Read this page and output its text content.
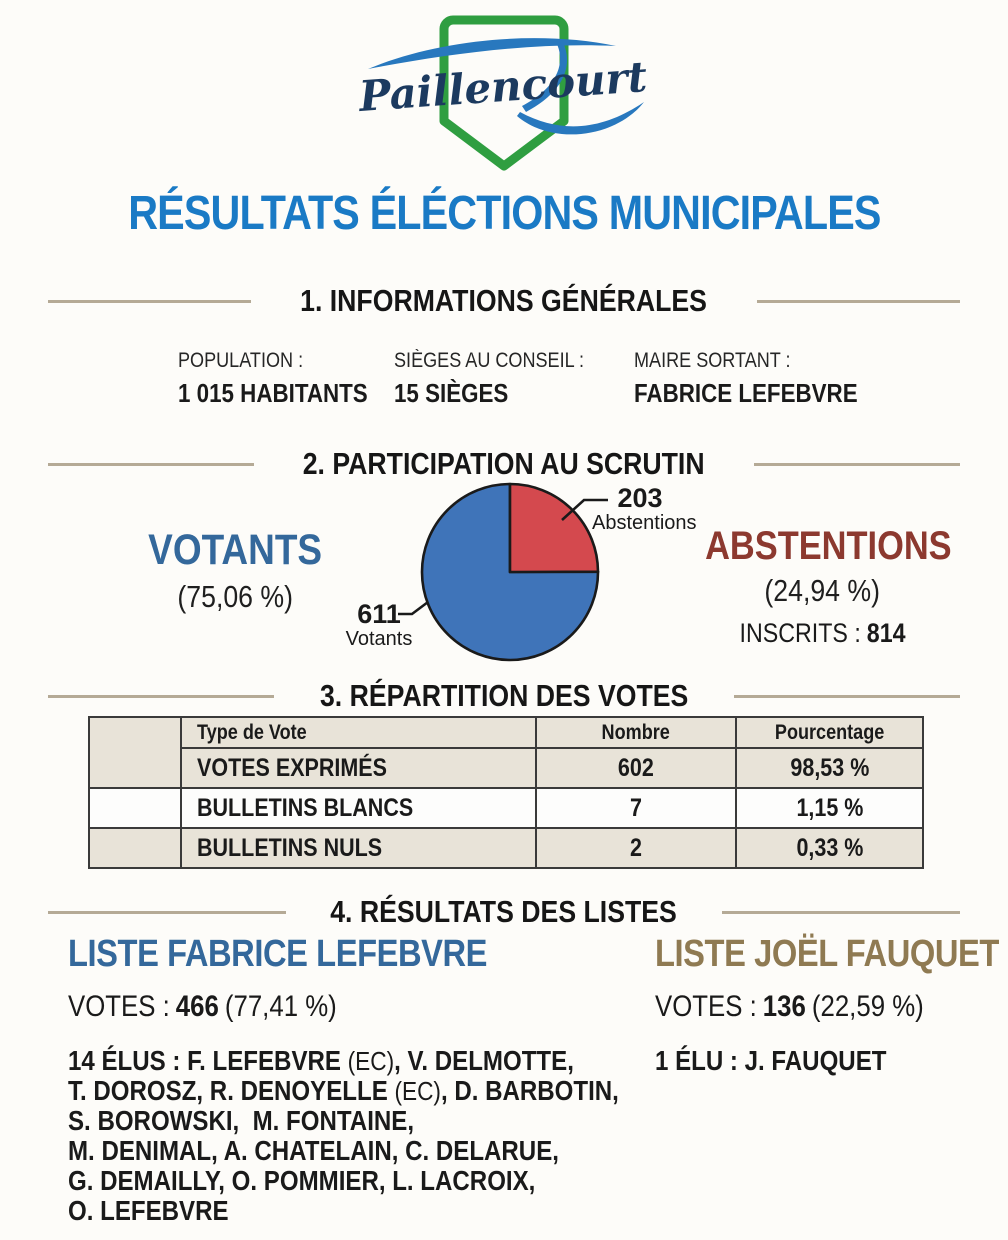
Paillencourt
RÉSULTATS ÉLÉCTIONS MUNICIPALES
1. INFORMATIONS GÉNÉRALES
POPULATION :
1 015 HABITANTS
SIÈGES AU CONSEIL :
15 SIÈGES
MAIRE SORTANT :
FABRICE LEFEBVRE
2. PARTICIPATION AU SCRUTIN
VOTANTS
(75,06 %)
ABSTENTIONS
(24,94 %)
INSCRITS : 814
203
Abstentions
611
Votants
3. RÉPARTITION DES VOTES
	Type de Vote	Nombre	Pourcentage
	VOTES EXPRIMÉS	602	98,53 %
	BULLETINS BLANCS	7	1,15 %
	BULLETINS NULS	2	0,33 %
4. RÉSULTATS DES LISTES
LISTE FABRICE LEFEBVRE
VOTES : 466 (77,41 %)
14 ÉLUS : F. LEFEBVRE (EC), V. DELMOTTE,
T. DOROSZ, R. DENOYELLE (EC), D. BARBOTIN,
S. BOROWSKI,  M. FONTAINE,
M. DENIMAL, A. CHATELAIN, C. DELARUE,
G. DEMAILLY, O. POMMIER, L. LACROIX,
O. LEFEBVRE
LISTE JOËL FAUQUET
VOTES : 136 (22,59 %)
1 ÉLU : J. FAUQUET
